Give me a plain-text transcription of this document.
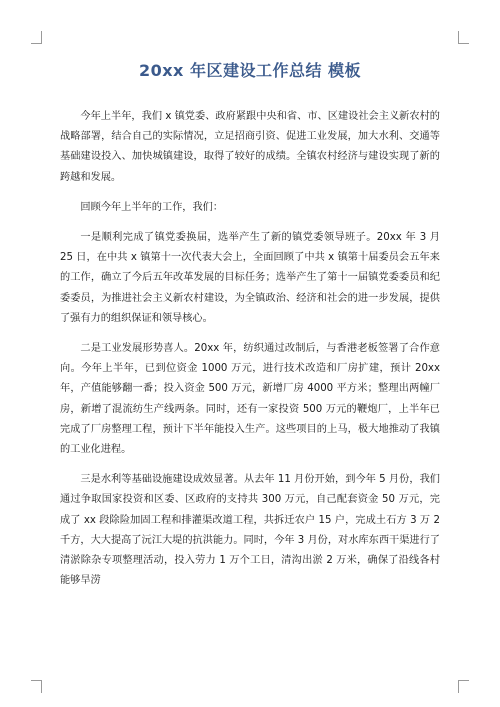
20xx 年区建设工作总结 模板

今年上半年，我们 x 镇党委、政府紧跟中央和省、市、区建设社会主义新农村的战略部署，结合自己的实际情况，立足招商引资、促进工业发展，加大水利、交通等基础建设投入、加快城镇建设，取得了较好的成绩。全镇农村经济与建设实现了新的跨越和发展。

回顾今年上半年的工作，我们：

一是顺利完成了镇党委换届，选举产生了新的镇党委领导班子。20xx 年 3 月 25 日，在中共 x 镇第十一次代表大会上，全面回顾了中共 x 镇第十届委员会五年来的工作，确立了今后五年改革发展的目标任务；选举产生了第十一届镇党委委员和纪委委员，为推进社会主义新农村建设，为全镇政治、经济和社会的进一步发展，提供了强有力的组织保证和领导核心。

二是工业发展形势喜人。20xx 年，纺织通过改制后，与香港老板签署了合作意向。今年上半年，已到位资金 1000 万元，进行技术改造和厂房扩建，预计 20xx 年，产值能够翻一番；投入资金 500 万元，新增厂房 4000 平方米；整理出两幢厂房，新增了混流纺生产线两条。同时，还有一家投资 500 万元的鞭炮厂，上半年已完成了厂房整理工程，预计下半年能投入生产。这些项目的上马，极大地推动了我镇的工业化进程。

三是水利等基础设施建设成效显著。从去年 11 月份开始，到今年 5 月份，我们通过争取国家投资和区委、区政府的支持共 300 万元，自己配套资金 50 万元，完成了 xx 段除险加固工程和排灌渠改道工程，共拆迁农户 15 户，完成土石方 3 万 2 千方，大大提高了沅江大堤的抗洪能力。同时，今年 3 月份，对水库东西干渠进行了清淤除杂专项整理活动，投入劳力 1 万个工日，清沟出淤 2 万米，确保了沿线各村能够旱涝
